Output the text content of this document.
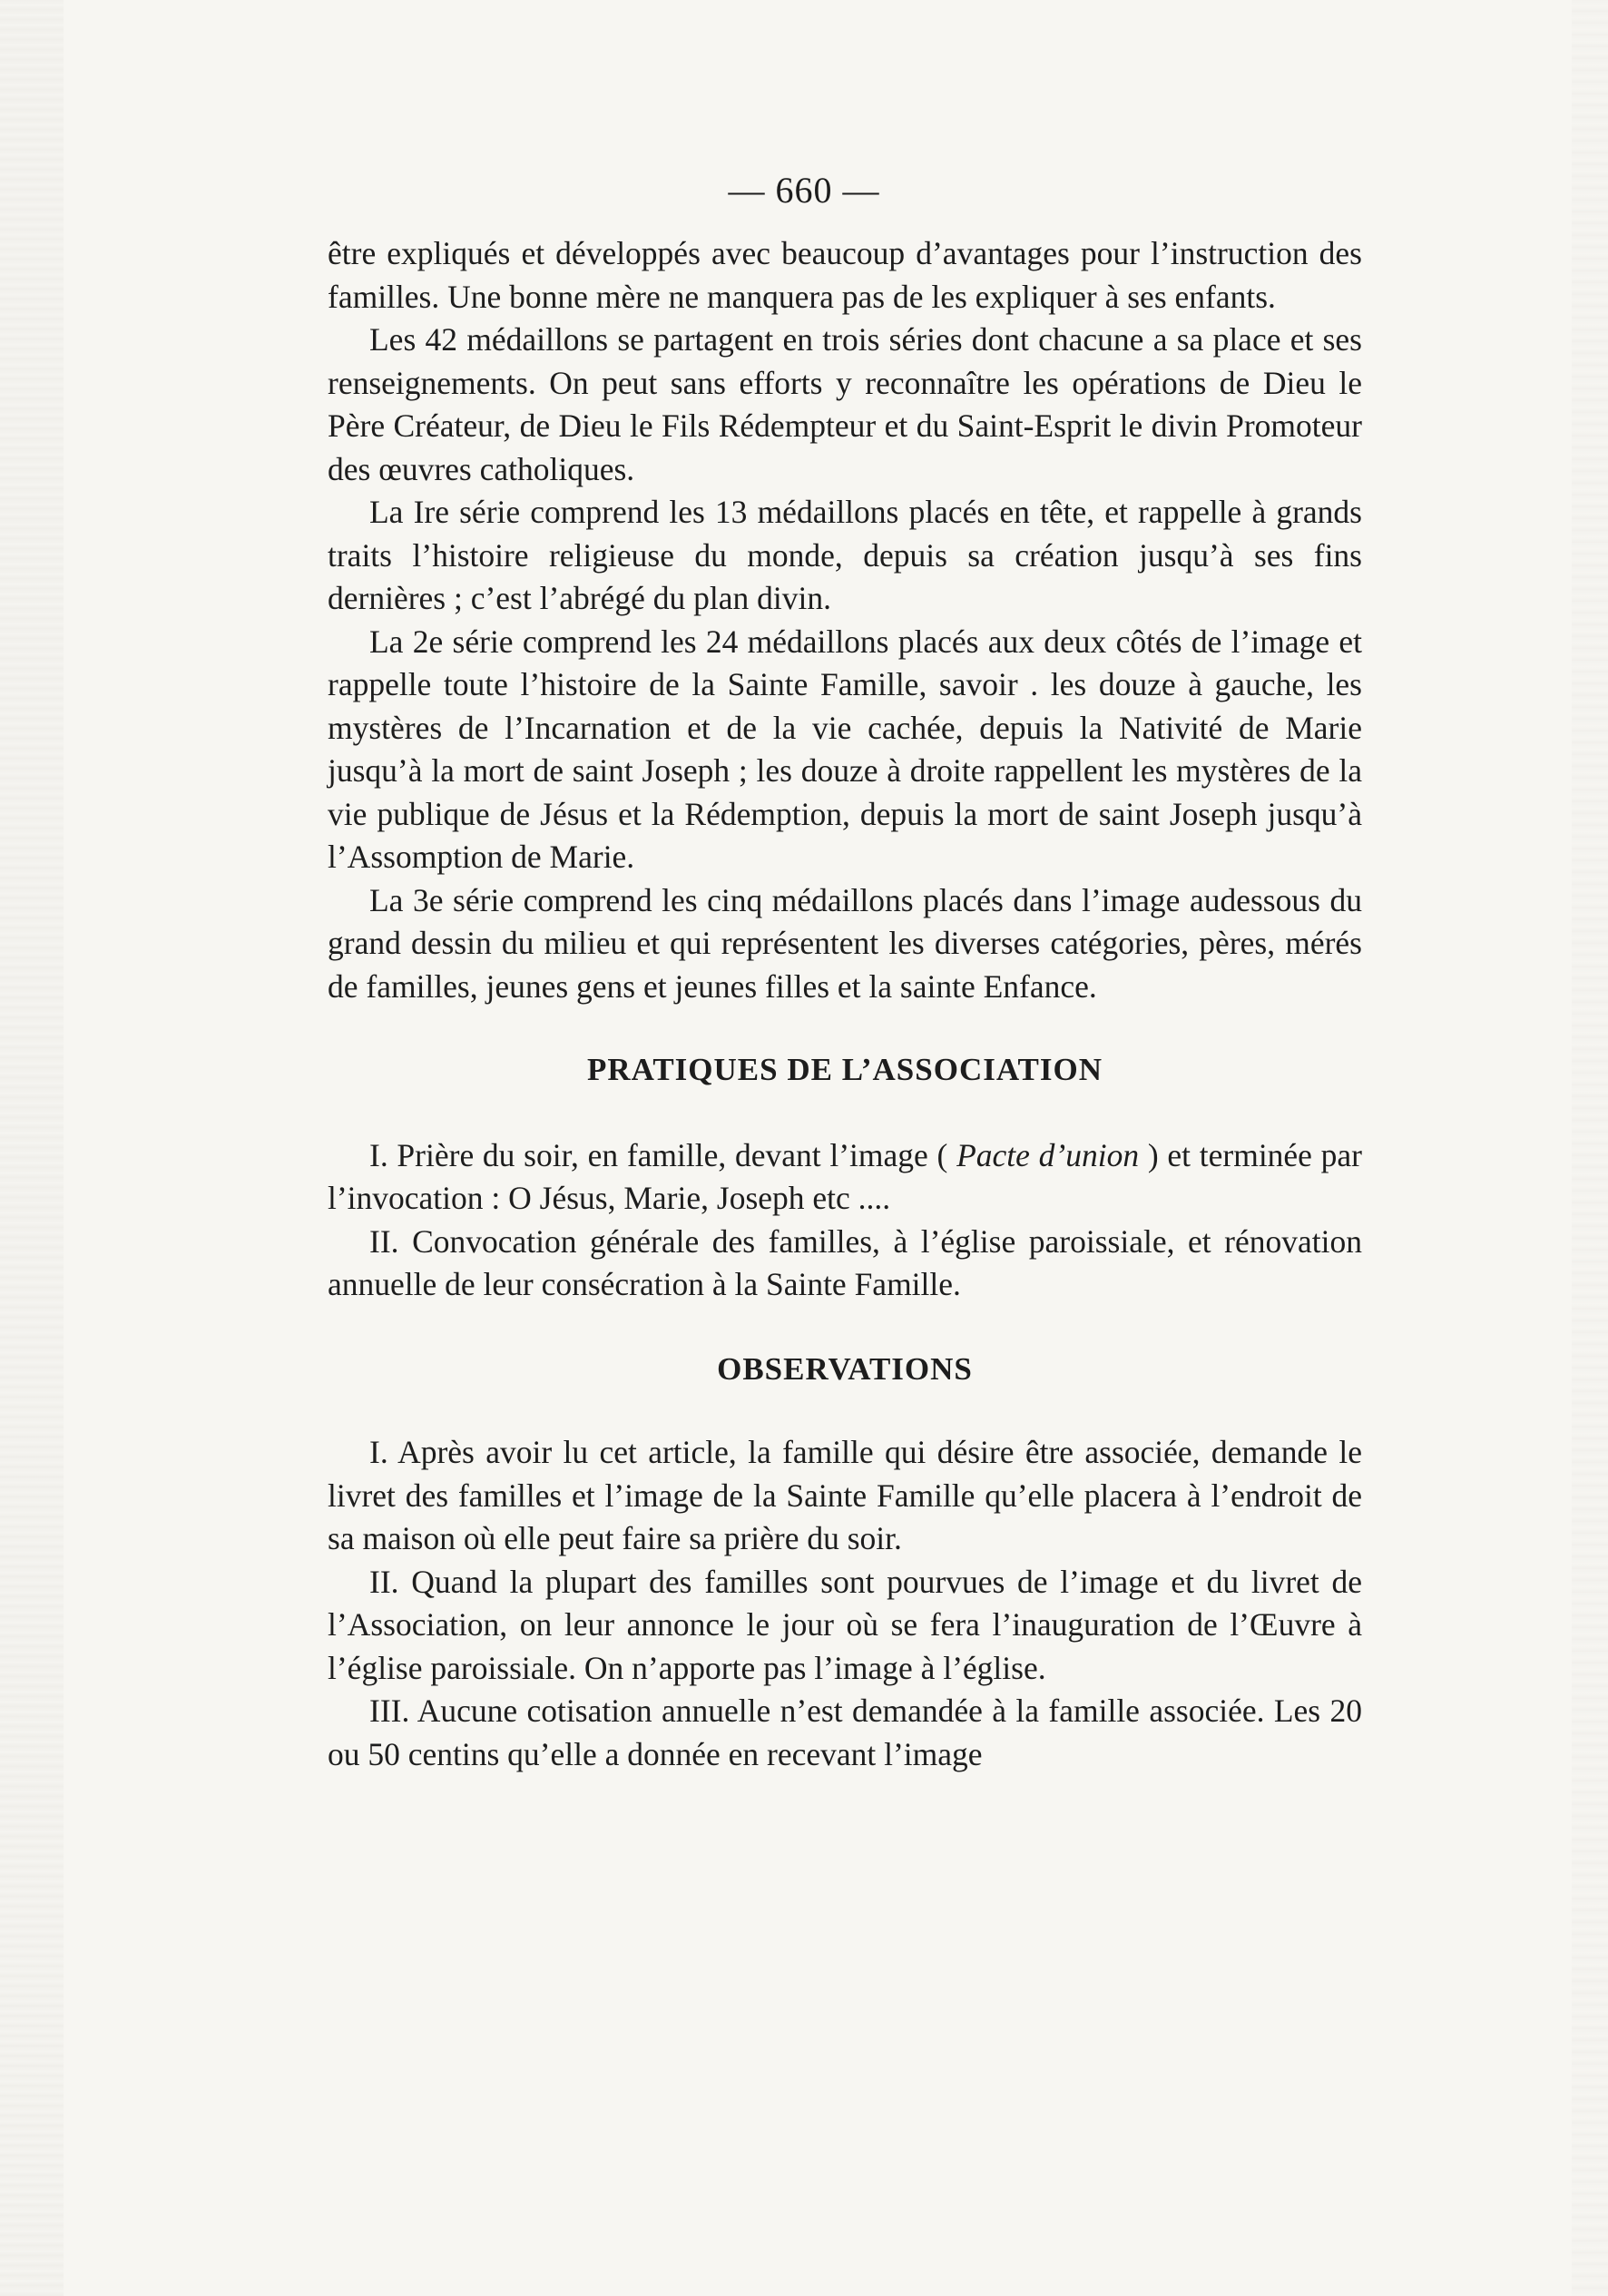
— 660 —

être expliqués et développés avec beaucoup d’avantages pour l’instruction des familles. Une bonne mère ne manquera pas de les expliquer à ses enfants.

Les 42 médaillons se partagent en trois séries dont chacune a sa place et ses renseignements. On peut sans efforts y reconnaître les opérations de Dieu le Père Créateur, de Dieu le Fils Rédempteur et du Saint-Esprit le divin Promoteur des œuvres catholiques.

La Ire série comprend les 13 médaillons placés en tête, et rappelle à grands traits l’histoire religieuse du monde, depuis sa création jusqu’à ses fins dernières ; c’est l’abrégé du plan divin.

La 2e série comprend les 24 médaillons placés aux deux côtés de l’image et rappelle toute l’histoire de la Sainte Famille, savoir . les douze à gauche, les mystères de l’Incarnation et de la vie cachée, depuis la Nativité de Marie jusqu’à la mort de saint Joseph ; les douze à droite rappellent les mystères de la vie publique de Jésus et la Rédemption, depuis la mort de saint Joseph jusqu’à l’Assomption de Marie.

La 3e série comprend les cinq médaillons placés dans l’image audessous du grand dessin du milieu et qui représentent les diverses catégories, pères, mérés de familles, jeunes gens et jeunes filles et la sainte Enfance.

PRATIQUES DE L’ASSOCIATION

I. Prière du soir, en famille, devant l’image ( Pacte d’union ) et terminée par l’invocation : O Jésus, Marie, Joseph etc ....

II. Convocation générale des familles, à l’église paroissiale, et rénovation annuelle de leur consécration à la Sainte Famille.

OBSERVATIONS

I. Après avoir lu cet article, la famille qui désire être associée, demande le livret des familles et l’image de la Sainte Famille qu’elle placera à l’endroit de sa maison où elle peut faire sa prière du soir.

II. Quand la plupart des familles sont pourvues de l’image et du livret de l’Association, on leur annonce le jour où se fera l’inauguration de l’Œuvre à l’église paroissiale. On n’apporte pas l’image à l’église.

III. Aucune cotisation annuelle n’est demandée à la famille associée. Les 20 ou 50 centins qu’elle a donnée en recevant l’image
